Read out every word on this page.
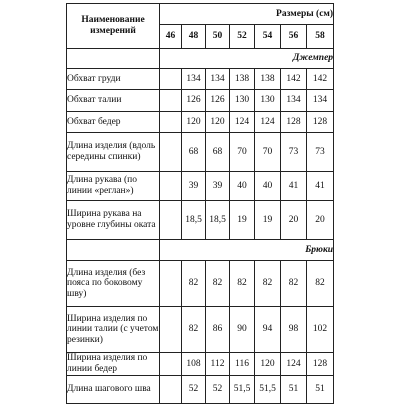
Наименование измерений	Размеры (см)						
	46	48	50	52	54	56	58
	Джемпер						
Обхват груди		134	134	138	138	142	142
Обхват талии		126	126	130	130	134	134
Обхват бедер		120	120	124	124	128	128
Длина изделия (вдоль середины спинки)		68	68	70	70	73	73
Длина рукава (по линии «реглан»)		39	39	40	40	41	41
Ширина рукава на уровне глубины оката		18,5	18,5	19	19	20	20
	Брюки						
Длина изделия (без пояса по боковому шву)		82	82	82	82	82	82
Ширина изделия по линии талии (с учетом резинки)		82	86	90	94	98	102
Ширина изделия по линии бедер		108	112	116	120	124	128
Длина шагового шва		52	52	51,5	51,5	51	51
